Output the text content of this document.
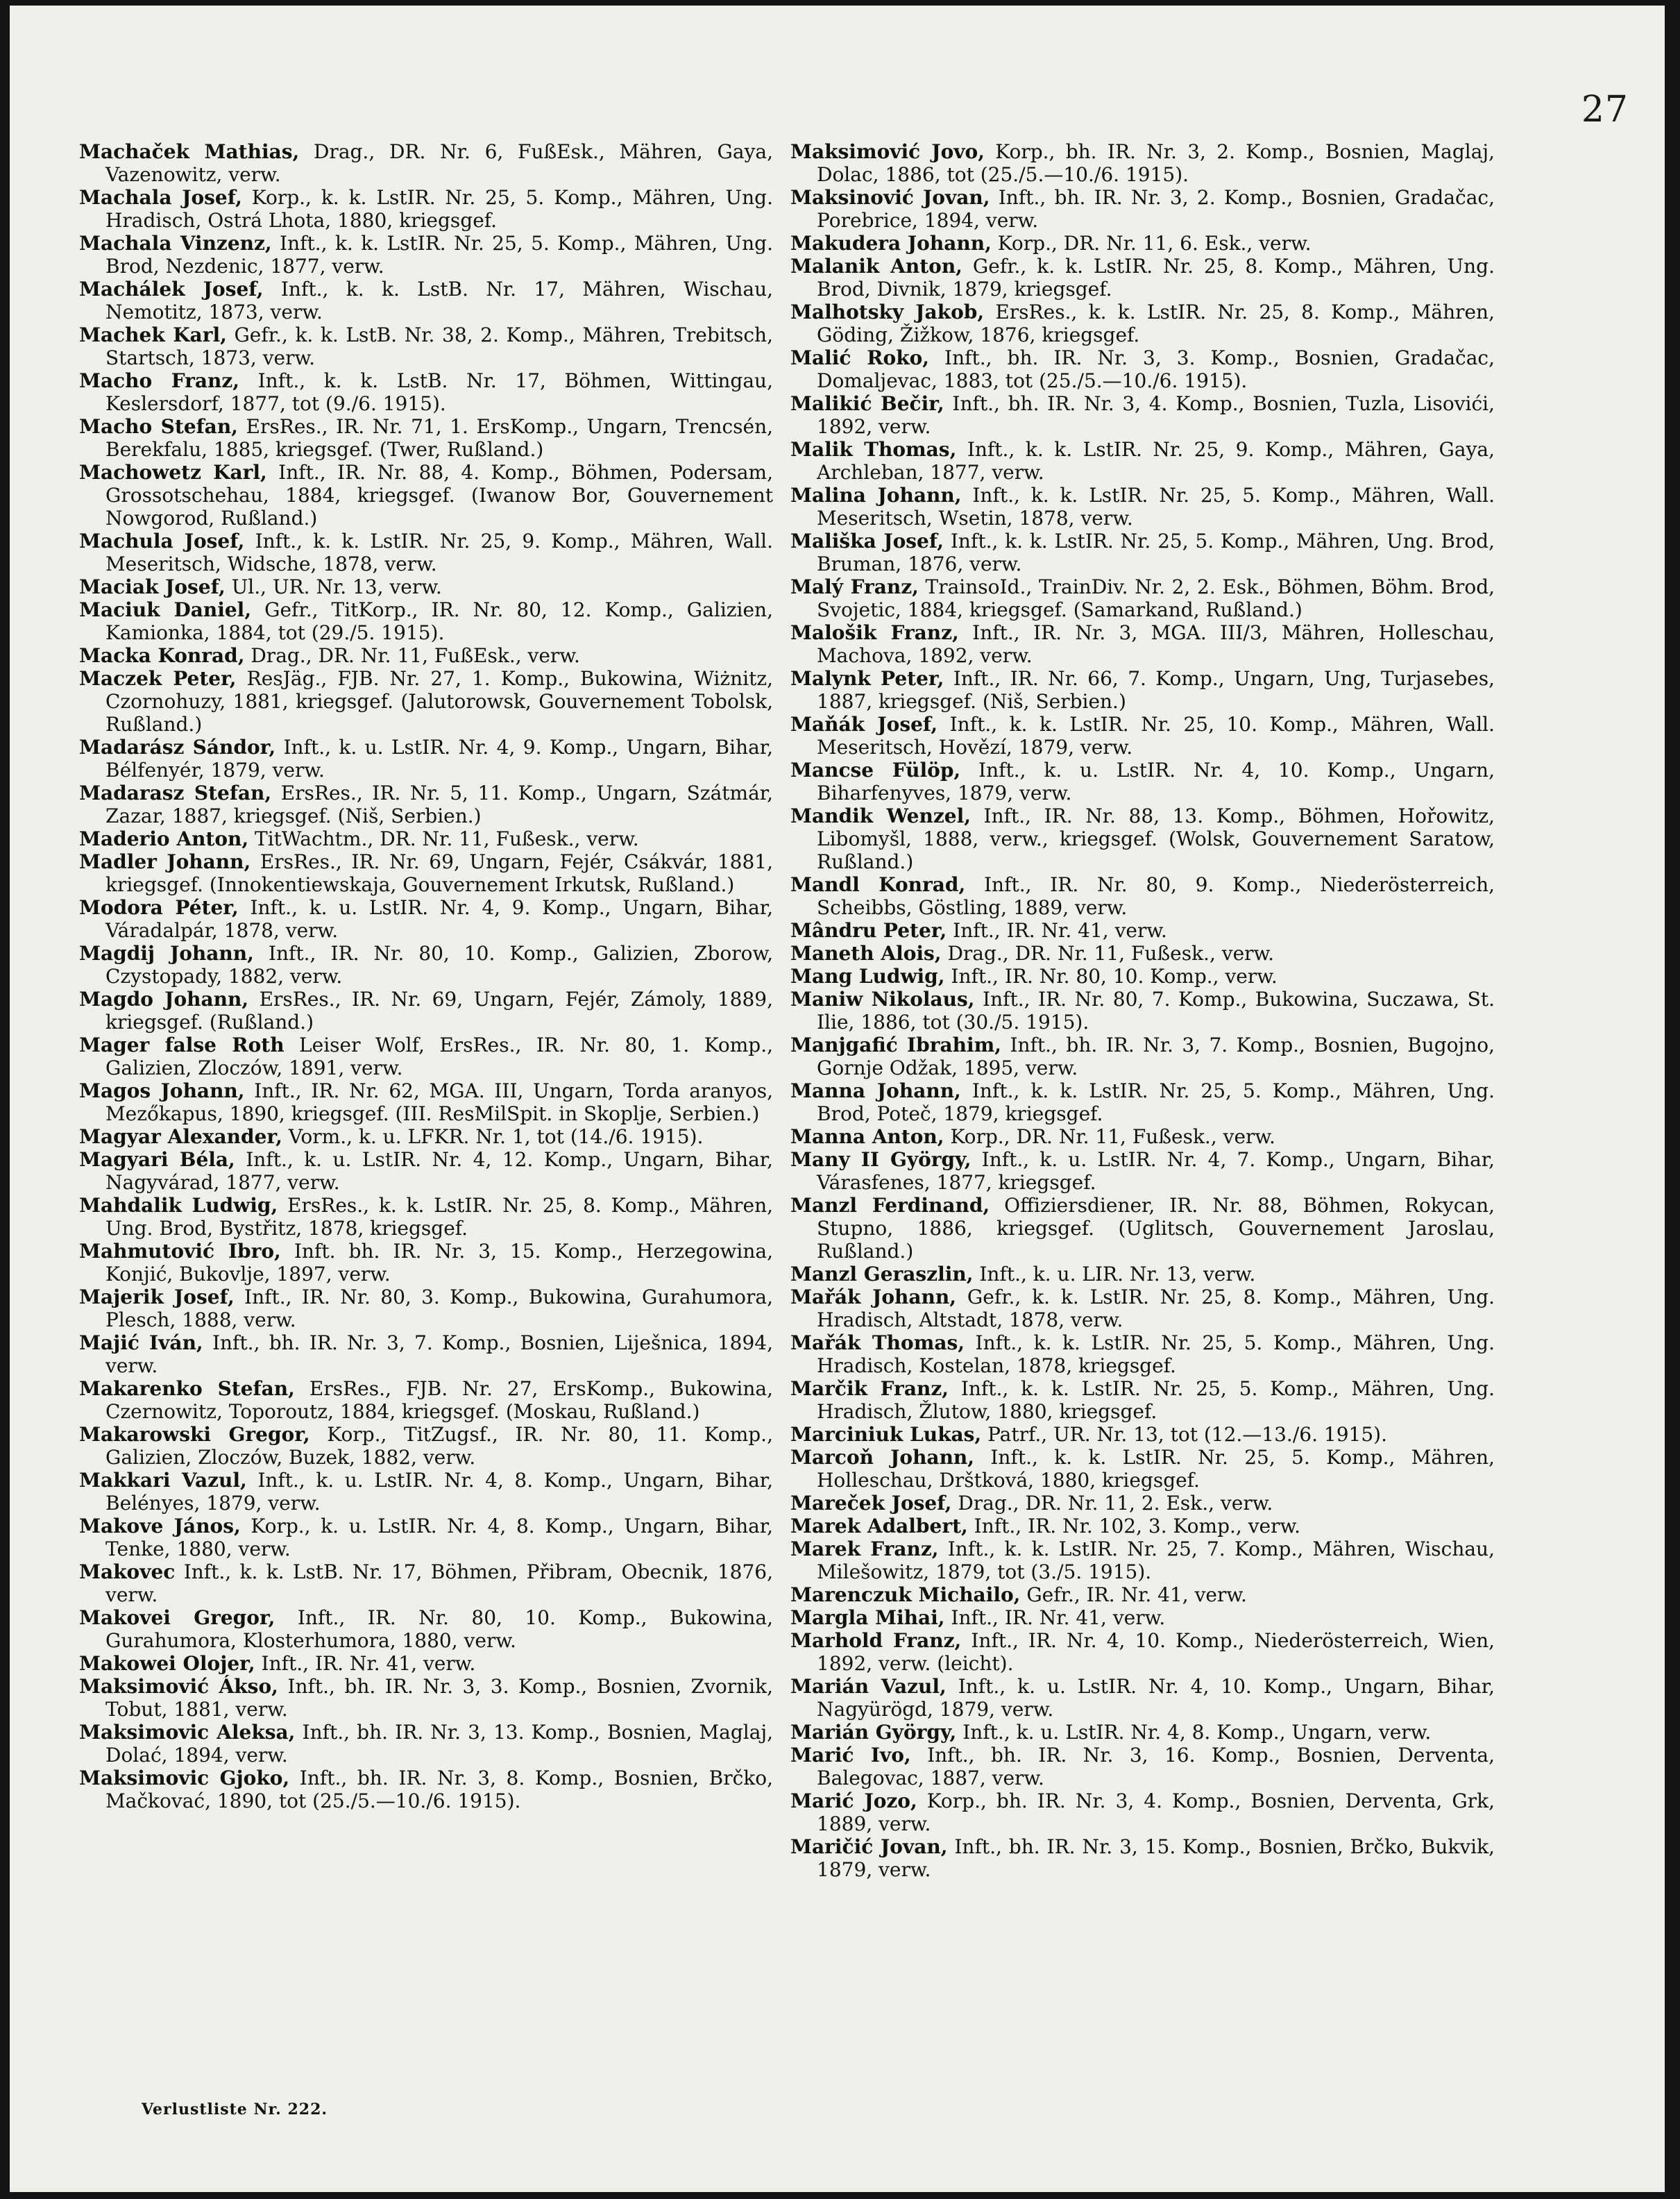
27

Machaček Mathias, Drag., DR. Nr. 6, FußEsk., Mähren, Gaya, Vazenowitz, verw.

Machala Josef, Korp., k. k. LstIR. Nr. 25, 5. Komp., Mähren, Ung. Hradisch, Ostrá Lhota, 1880, kriegsgef.

Machala Vinzenz, Inft., k. k. LstIR. Nr. 25, 5. Komp., Mähren, Ung. Brod, Nezdenic, 1877, verw.

Machálek Josef, Inft., k. k. LstB. Nr. 17, Mähren, Wischau, Nemotitz, 1873, verw.

Machek Karl, Gefr., k. k. LstB. Nr. 38, 2. Komp., Mähren, Trebitsch, Startsch, 1873, verw.

Macho Franz, Inft., k. k. LstB. Nr. 17, Böhmen, Wittingau, Keslersdorf, 1877, tot (9./6. 1915).

Macho Stefan, ErsRes., IR. Nr. 71, 1. ErsKomp., Ungarn, Trencsén, Berekfalu, 1885, kriegsgef. (Twer, Rußland.)

Machowetz Karl, Inft., IR. Nr. 88, 4. Komp., Böhmen, Podersam, Grossotschehau, 1884, kriegsgef. (Iwanow Bor, Gouvernement Nowgorod, Rußland.)

Machula Josef, Inft., k. k. LstIR. Nr. 25, 9. Komp., Mähren, Wall. Meseritsch, Widsche, 1878, verw.

Maciak Josef, Ul., UR. Nr. 13, verw.

Maciuk Daniel, Gefr., TitKorp., IR. Nr. 80, 12. Komp., Galizien, Kamionka, 1884, tot (29./5. 1915).

Macka Konrad, Drag., DR. Nr. 11, FußEsk., verw.

Maczek Peter, ResJäg., FJB. Nr. 27, 1. Komp., Bukowina, Wiżnitz, Czornohuzy, 1881, kriegsgef. (Jalutorowsk, Gouvernement Tobolsk, Rußland.)

Madarász Sándor, Inft., k. u. LstIR. Nr. 4, 9. Komp., Ungarn, Bihar, Bélfenyér, 1879, verw.

Madarasz Stefan, ErsRes., IR. Nr. 5, 11. Komp., Ungarn, Szátmár, Zazar, 1887, kriegsgef. (Niš, Serbien.)

Maderio Anton, TitWachtm., DR. Nr. 11, Fußesk., verw.

Madler Johann, ErsRes., IR. Nr. 69, Ungarn, Fejér, Csákvár, 1881, kriegsgef. (Innokentiewskaja, Gouvernement Irkutsk, Rußland.)

Modora Péter, Inft., k. u. LstIR. Nr. 4, 9. Komp., Ungarn, Bihar, Váradalpár, 1878, verw.

Magdij Johann, Inft., IR. Nr. 80, 10. Komp., Galizien, Zborow, Czystopady, 1882, verw.

Magdo Johann, ErsRes., IR. Nr. 69, Ungarn, Fejér, Zámoly, 1889, kriegsgef. (Rußland.)

Mager false Roth Leiser Wolf, ErsRes., IR. Nr. 80, 1. Komp., Galizien, Zloczów, 1891, verw.

Magos Johann, Inft., IR. Nr. 62, MGA. III, Ungarn, Torda aranyos, Mezőkapus, 1890, kriegsgef. (III. ResMilSpit. in Skoplje, Serbien.)

Magyar Alexander, Vorm., k. u. LFKR. Nr. 1, tot (14./6. 1915).

Magyari Béla, Inft., k. u. LstIR. Nr. 4, 12. Komp., Ungarn, Bihar, Nagyvárad, 1877, verw.

Mahdalik Ludwig, ErsRes., k. k. LstIR. Nr. 25, 8. Komp., Mähren, Ung. Brod, Bystřitz, 1878, kriegsgef.

Mahmutović Ibro, Inft. bh. IR. Nr. 3, 15. Komp., Herzegowina, Konjić, Bukovlje, 1897, verw.

Majerik Josef, Inft., IR. Nr. 80, 3. Komp., Bukowina, Gurahumora, Plesch, 1888, verw.

Majić Iván, Inft., bh. IR. Nr. 3, 7. Komp., Bosnien, Liješnica, 1894, verw.

Makarenko Stefan, ErsRes., FJB. Nr. 27, ErsKomp., Bukowina, Czernowitz, Toporoutz, 1884, kriegsgef. (Moskau, Rußland.)

Makarowski Gregor, Korp., TitZugsf., IR. Nr. 80, 11. Komp., Galizien, Zloczów, Buzek, 1882, verw.

Makkari Vazul, Inft., k. u. LstIR. Nr. 4, 8. Komp., Ungarn, Bihar, Belényes, 1879, verw.

Makove János, Korp., k. u. LstIR. Nr. 4, 8. Komp., Ungarn, Bihar, Tenke, 1880, verw.

Makovec Inft., k. k. LstB. Nr. 17, Böhmen, Přibram, Obecnik, 1876, verw.

Makovei Gregor, Inft., IR. Nr. 80, 10. Komp., Bukowina, Gurahumora, Klosterhumora, 1880, verw.

Makowei Olojer, Inft., IR. Nr. 41, verw.

Maksimović Ákso, Inft., bh. IR. Nr. 3, 3. Komp., Bosnien, Zvornik, Tobut, 1881, verw.

Maksimovic Aleksa, Inft., bh. IR. Nr. 3, 13. Komp., Bosnien, Maglaj, Dolać, 1894, verw.

Maksimovic Gjoko, Inft., bh. IR. Nr. 3, 8. Komp., Bosnien, Brčko, Mačkovać, 1890, tot (25./5.—10./6. 1915).

Maksimović Jovo, Korp., bh. IR. Nr. 3, 2. Komp., Bosnien, Maglaj, Dolac, 1886, tot (25./5.—10./6. 1915).

Maksinović Jovan, Inft., bh. IR. Nr. 3, 2. Komp., Bosnien, Gradačac, Porebrice, 1894, verw.

Makudera Johann, Korp., DR. Nr. 11, 6. Esk., verw.

Malanik Anton, Gefr., k. k. LstIR. Nr. 25, 8. Komp., Mähren, Ung. Brod, Divnik, 1879, kriegsgef.

Malhotsky Jakob, ErsRes., k. k. LstIR. Nr. 25, 8. Komp., Mähren, Göding, Žižkow, 1876, kriegsgef.

Malić Roko, Inft., bh. IR. Nr. 3, 3. Komp., Bosnien, Gradačac, Domaljevac, 1883, tot (25./5.—10./6. 1915).

Malikić Bečir, Inft., bh. IR. Nr. 3, 4. Komp., Bosnien, Tuzla, Lisovići, 1892, verw.

Malik Thomas, Inft., k. k. LstIR. Nr. 25, 9. Komp., Mähren, Gaya, Archleban, 1877, verw.

Malina Johann, Inft., k. k. LstIR. Nr. 25, 5. Komp., Mähren, Wall. Meseritsch, Wsetin, 1878, verw.

Mališka Josef, Inft., k. k. LstIR. Nr. 25, 5. Komp., Mähren, Ung. Brod, Bruman, 1876, verw.

Malý Franz, TrainsoId., TrainDiv. Nr. 2, 2. Esk., Böhmen, Böhm. Brod, Svojetic, 1884, kriegsgef. (Samarkand, Rußland.)

Malošik Franz, Inft., IR. Nr. 3, MGA. III/3, Mähren, Holleschau, Machova, 1892, verw.

Malynk Peter, Inft., IR. Nr. 66, 7. Komp., Ungarn, Ung, Turjasebes, 1887, kriegsgef. (Niš, Serbien.)

Maňák Josef, Inft., k. k. LstIR. Nr. 25, 10. Komp., Mähren, Wall. Meseritsch, Hovězí, 1879, verw.

Mancse Fülöp, Inft., k. u. LstIR. Nr. 4, 10. Komp., Ungarn, Biharfenyves, 1879, verw.

Mandik Wenzel, Inft., IR. Nr. 88, 13. Komp., Böhmen, Hořowitz, Libomyšl, 1888, verw., kriegsgef. (Wolsk, Gouvernement Saratow, Rußland.)

Mandl Konrad, Inft., IR. Nr. 80, 9. Komp., Niederösterreich, Scheibbs, Göstling, 1889, verw.

Mândru Peter, Inft., IR. Nr. 41, verw.

Maneth Alois, Drag., DR. Nr. 11, Fußesk., verw.

Mang Ludwig, Inft., IR. Nr. 80, 10. Komp., verw.

Maniw Nikolaus, Inft., IR. Nr. 80, 7. Komp., Bukowina, Suczawa, St. Ilie, 1886, tot (30./5. 1915).

Manjgafić Ibrahim, Inft., bh. IR. Nr. 3, 7. Komp., Bosnien, Bugojno, Gornje Odžak, 1895, verw.

Manna Johann, Inft., k. k. LstIR. Nr. 25, 5. Komp., Mähren, Ung. Brod, Poteč, 1879, kriegsgef.

Manna Anton, Korp., DR. Nr. 11, Fußesk., verw.

Many II György, Inft., k. u. LstIR. Nr. 4, 7. Komp., Ungarn, Bihar, Várasfenes, 1877, kriegsgef.

Manzl Ferdinand, Offiziersdiener, IR. Nr. 88, Böhmen, Rokycan, Stupno, 1886, kriegsgef. (Uglitsch, Gouvernement Jaroslau, Rußland.)

Manzl Geraszlin, Inft., k. u. LIR. Nr. 13, verw.

Mařák Johann, Gefr., k. k. LstIR. Nr. 25, 8. Komp., Mähren, Ung. Hradisch, Altstadt, 1878, verw.

Mařák Thomas, Inft., k. k. LstIR. Nr. 25, 5. Komp., Mähren, Ung. Hradisch, Kostelan, 1878, kriegsgef.

Marčik Franz, Inft., k. k. LstIR. Nr. 25, 5. Komp., Mähren, Ung. Hradisch, Žlutow, 1880, kriegsgef.

Marciniuk Lukas, Patrf., UR. Nr. 13, tot (12.—13./6. 1915).

Marcoň Johann, Inft., k. k. LstIR. Nr. 25, 5. Komp., Mähren, Holleschau, Drštková, 1880, kriegsgef.

Mareček Josef, Drag., DR. Nr. 11, 2. Esk., verw.

Marek Adalbert, Inft., IR. Nr. 102, 3. Komp., verw.

Marek Franz, Inft., k. k. LstIR. Nr. 25, 7. Komp., Mähren, Wischau, Milešowitz, 1879, tot (3./5. 1915).

Marenczuk Michailo, Gefr., IR. Nr. 41, verw.

Margla Mihai, Inft., IR. Nr. 41, verw.

Marhold Franz, Inft., IR. Nr. 4, 10. Komp., Niederösterreich, Wien, 1892, verw. (leicht).

Marián Vazul, Inft., k. u. LstIR. Nr. 4, 10. Komp., Ungarn, Bihar, Nagyürögd, 1879, verw.

Marián György, Inft., k. u. LstIR. Nr. 4, 8. Komp., Ungarn, verw.

Marić Ivo, Inft., bh. IR. Nr. 3, 16. Komp., Bosnien, Derventa, Balegovac, 1887, verw.

Marić Jozo, Korp., bh. IR. Nr. 3, 4. Komp., Bosnien, Derventa, Grk, 1889, verw.

Maričić Jovan, Inft., bh. IR. Nr. 3, 15. Komp., Bosnien, Brčko, Bukvik, 1879, verw.

Verlustliste Nr. 222.
